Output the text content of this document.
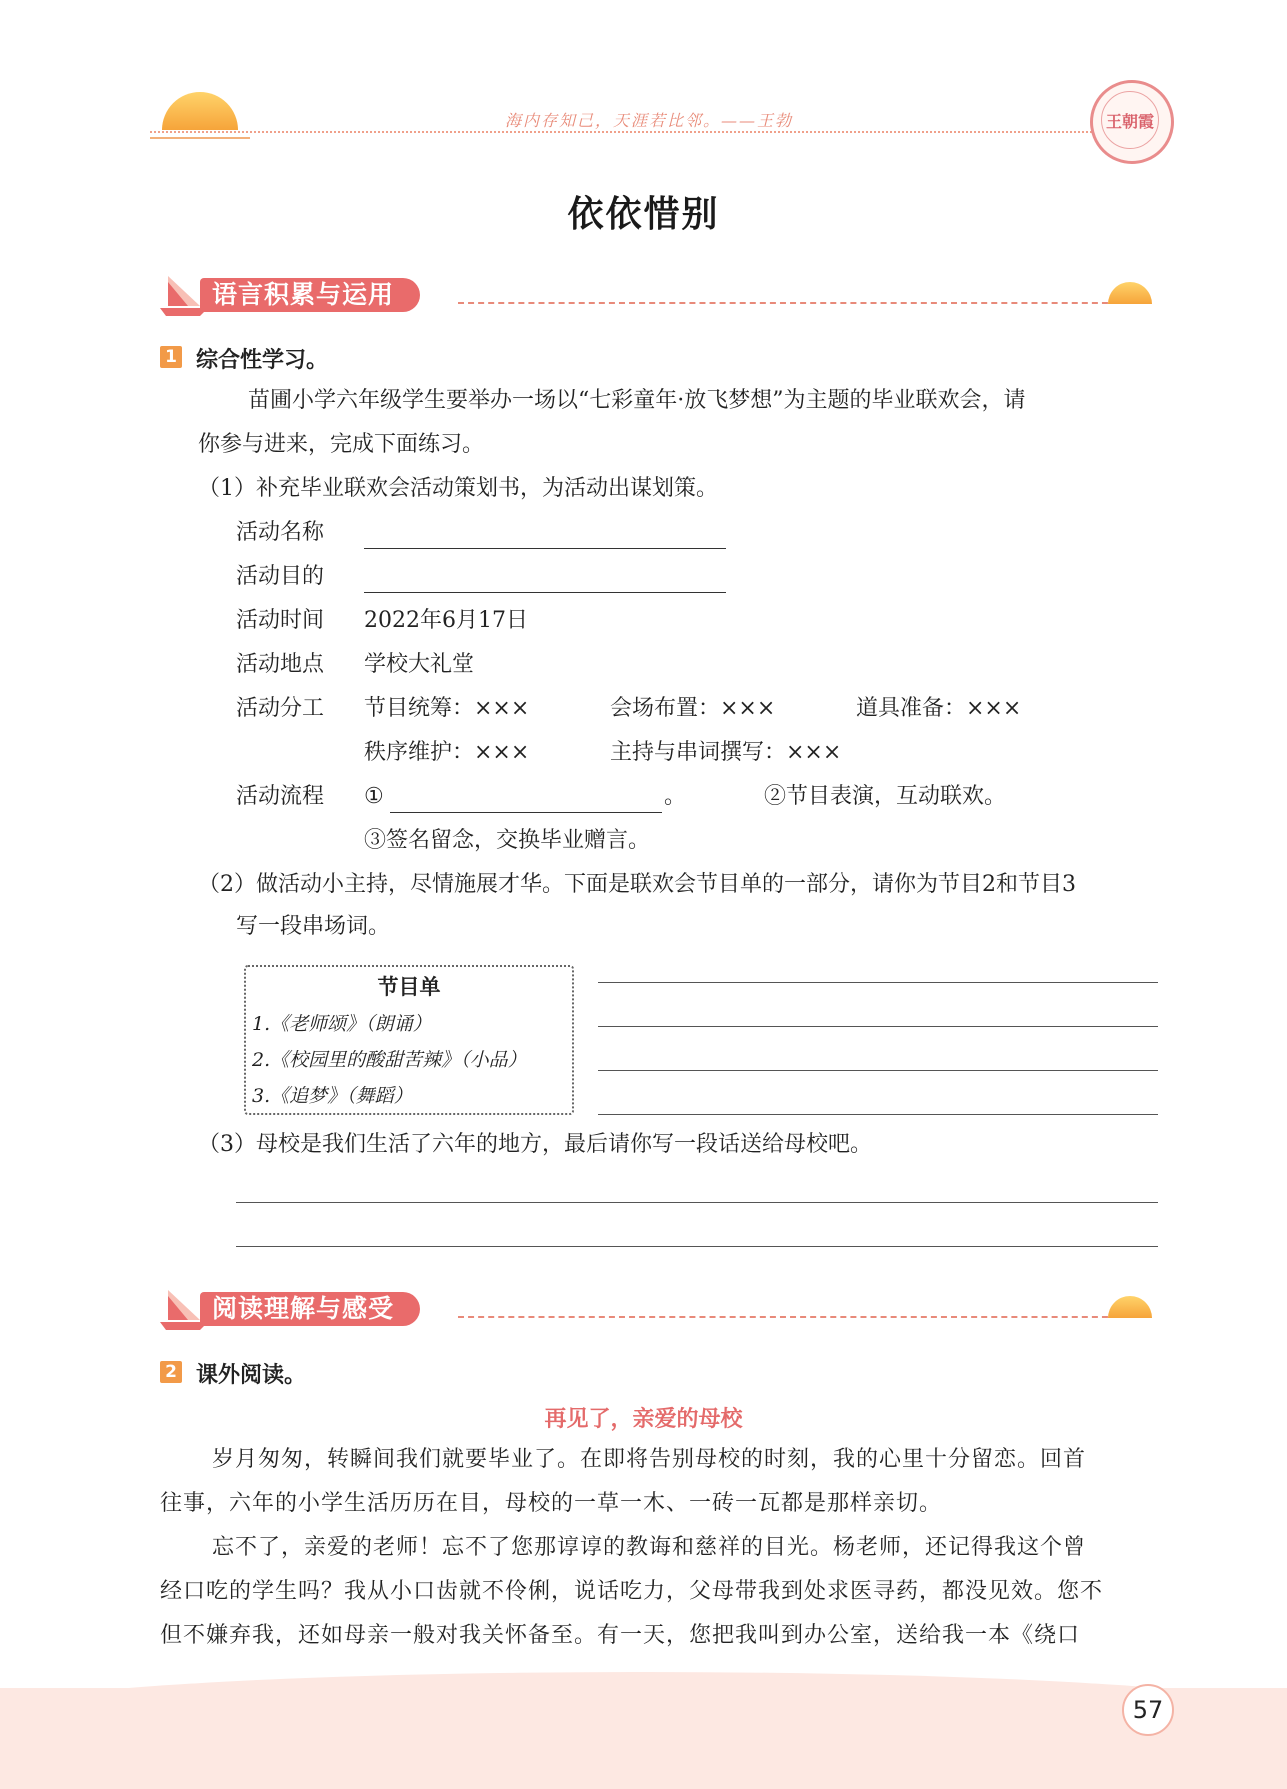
海内存知己，天涯若比邻。——王勃	王朝霞
依依惜别
语言积累与运用
1 综合性学习。
苗圃小学六年级学生要举办一场以“七彩童年·放飞梦想”为主题的毕业联欢会，请
你参与进来，完成下面练习。
（1）补充毕业联欢会活动策划书，为活动出谋划策。
活动名称
活动目的
活动时间 2022年6月17日
活动地点 学校大礼堂
活动分工 节目统筹：×××	会场布置：×××	道具准备：×××
秩序维护：×××	主持与串词撰写：×××
活动流程 ①	。	②节目表演，互动联欢。
③签名留念，交换毕业赠言。
（2）做活动小主持，尽情施展才华。下面是联欢会节目单的一部分，请你为节目2和节目3
写一段串场词。
节目单
1.《老师颂》（朗诵）
2.《校园里的酸甜苦辣》（小品）
3.《追梦》（舞蹈）
（3）母校是我们生活了六年的地方，最后请你写一段话送给母校吧。
阅读理解与感受
2 课外阅读。
再见了，亲爱的母校
岁月匆匆，转瞬间我们就要毕业了。在即将告别母校的时刻，我的心里十分留恋。回首
往事，六年的小学生活历历在目，母校的一草一木、一砖一瓦都是那样亲切。
忘不了，亲爱的老师！忘不了您那谆谆的教诲和慈祥的目光。杨老师，还记得我这个曾
经口吃的学生吗？我从小口齿就不伶俐，说话吃力，父母带我到处求医寻药，都没见效。您不
但不嫌弃我，还如母亲一般对我关怀备至。有一天，您把我叫到办公室，送给我一本《绕口
57
